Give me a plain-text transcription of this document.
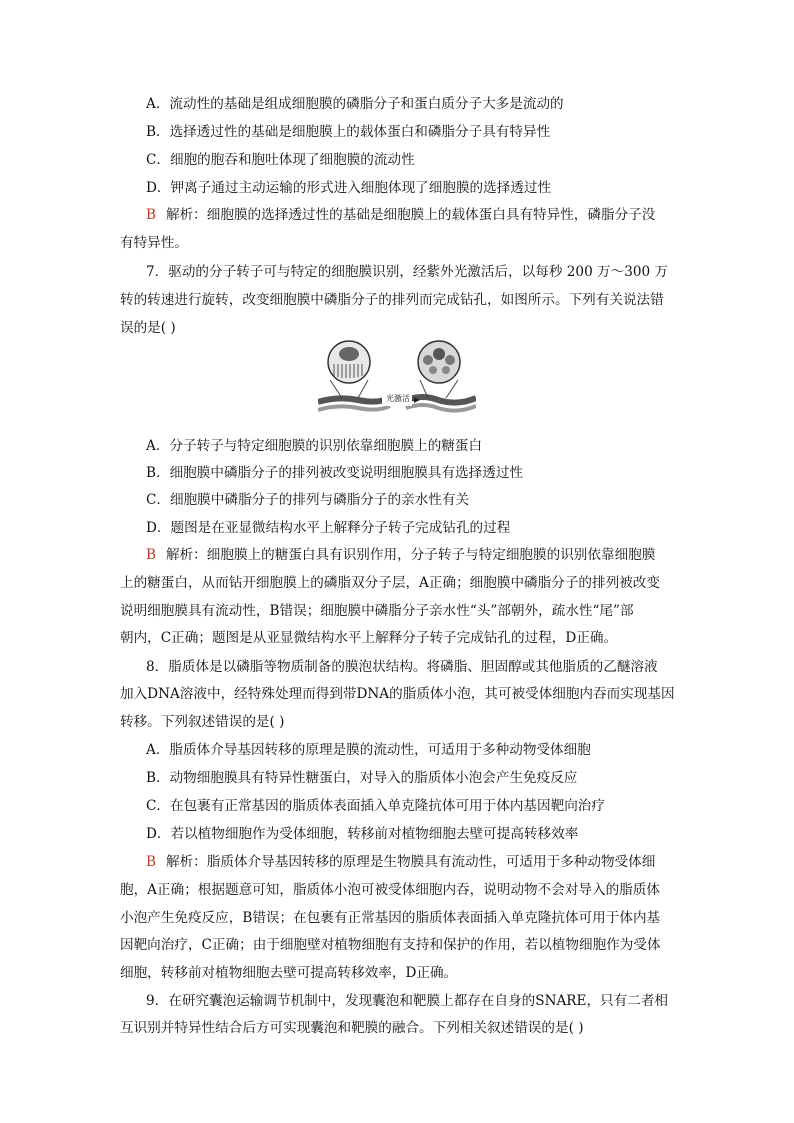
A．流动性的基础是组成细胞膜的磷脂分子和蛋白质分子大多是流动的
B．选择透过性的基础是细胞膜上的载体蛋白和磷脂分子具有特异性
C．细胞的胞吞和胞吐体现了细胞膜的流动性
D．钾离子通过主动运输的形式进入细胞体现了细胞膜的选择透过性
B 解析：细胞膜的选择透过性的基础是细胞膜上的载体蛋白具有特异性，磷脂分子没
有特异性。
7．驱动的分子转子可与特定的细胞膜识别，经紫外光激活后，以每秒 200 万～300 万
转的转速进行旋转，改变细胞膜中磷脂分子的排列而完成钻孔，如图所示。下列有关说法错
误的是( )
光激活
A．分子转子与特定细胞膜的识别依靠细胞膜上的糖蛋白
B．细胞膜中磷脂分子的排列被改变说明细胞膜具有选择透过性
C．细胞膜中磷脂分子的排列与磷脂分子的亲水性有关
D．题图是在亚显微结构水平上解释分子转子完成钻孔的过程
B 解析：细胞膜上的糖蛋白具有识别作用，分子转子与特定细胞膜的识别依靠细胞膜
上的糖蛋白，从而钻开细胞膜上的磷脂双分子层，A正确；细胞膜中磷脂分子的排列被改变
说明细胞膜具有流动性，B错误；细胞膜中磷脂分子亲水性“头”部朝外，疏水性“尾”部
朝内，C正确；题图是从亚显微结构水平上解释分子转子完成钻孔的过程，D正确。
8．脂质体是以磷脂等物质制备的膜泡状结构。将磷脂、胆固醇或其他脂质的乙醚溶液
加入DNA溶液中，经特殊处理而得到带DNA的脂质体小泡，其可被受体细胞内吞而实现基因
转移。下列叙述错误的是( )
A．脂质体介导基因转移的原理是膜的流动性，可适用于多种动物受体细胞
B．动物细胞膜具有特异性糖蛋白，对导入的脂质体小泡会产生免疫反应
C．在包裹有正常基因的脂质体表面插入单克隆抗体可用于体内基因靶向治疗
D．若以植物细胞作为受体细胞，转移前对植物细胞去壁可提高转移效率
B 解析：脂质体介导基因转移的原理是生物膜具有流动性，可适用于多种动物受体细
胞，A正确；根据题意可知，脂质体小泡可被受体细胞内吞，说明动物不会对导入的脂质体
小泡产生免疫反应，B错误；在包裹有正常基因的脂质体表面插入单克隆抗体可用于体内基
因靶向治疗，C正确；由于细胞壁对植物细胞有支持和保护的作用，若以植物细胞作为受体
细胞，转移前对植物细胞去壁可提高转移效率，D正确。
9．在研究囊泡运输调节机制中，发现囊泡和靶膜上都存在自身的SNARE，只有二者相
互识别并特异性结合后方可实现囊泡和靶膜的融合。下列相关叙述错误的是( )
